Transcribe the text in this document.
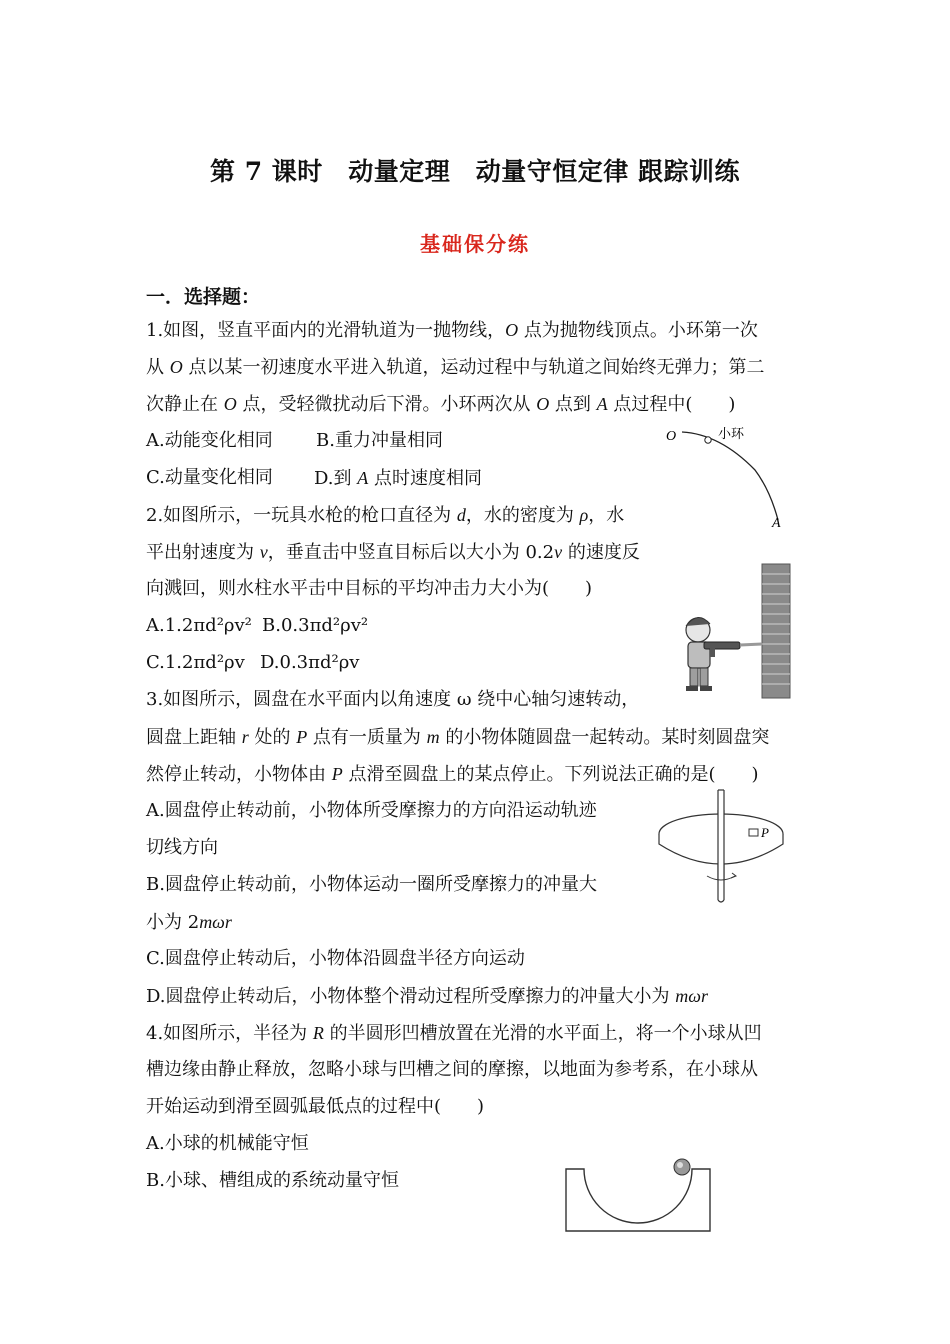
第 7 课时　动量定理　动量守恒定律 跟踪训练
基础保分练
一．选择题：
1.如图，竖直平面内的光滑轨道为一抛物线，O 点为抛物线顶点。小环第一次
从 O 点以某一初速度水平进入轨道，运动过程中与轨道之间始终无弹力；第二
次静止在 O 点，受轻微扰动后下滑。小环两次从 O 点到 A 点过程中(　　)
A.动能变化相同 B.重力冲量相同
C.动量变化相同 D.到 A 点时速度相同
O	小环
A
2.如图所示，一玩具水枪的枪口直径为 d，水的密度为 ρ，水
平出射速度为 v，垂直击中竖直目标后以大小为 0.2v 的速度反
向溅回，则水柱水平击中目标的平均冲击力大小为(　　)
A.1.2πd²ρv² B.0.3πd²ρv²
C.1.2πd²ρv D.0.3πd²ρv
3.如图所示，圆盘在水平面内以角速度 ω 绕中心轴匀速转动，
圆盘上距轴 r 处的 P 点有一质量为 m 的小物体随圆盘一起转动。某时刻圆盘突
然停止转动，小物体由 P 点滑至圆盘上的某点停止。下列说法正确的是(　　)
A.圆盘停止转动前，小物体所受摩擦力的方向沿运动轨迹
切线方向
B.圆盘停止转动前，小物体运动一圈所受摩擦力的冲量大
小为 2mωr
C.圆盘停止转动后，小物体沿圆盘半径方向运动
D.圆盘停止转动后，小物体整个滑动过程所受摩擦力的冲量大小为 mωr
P
4.如图所示，半径为 R 的半圆形凹槽放置在光滑的水平面上，将一个小球从凹
槽边缘由静止释放，忽略小球与凹槽之间的摩擦，以地面为参考系，在小球从
开始运动到滑至圆弧最低点的过程中(　　)
A.小球的机械能守恒
B.小球、槽组成的系统动量守恒
